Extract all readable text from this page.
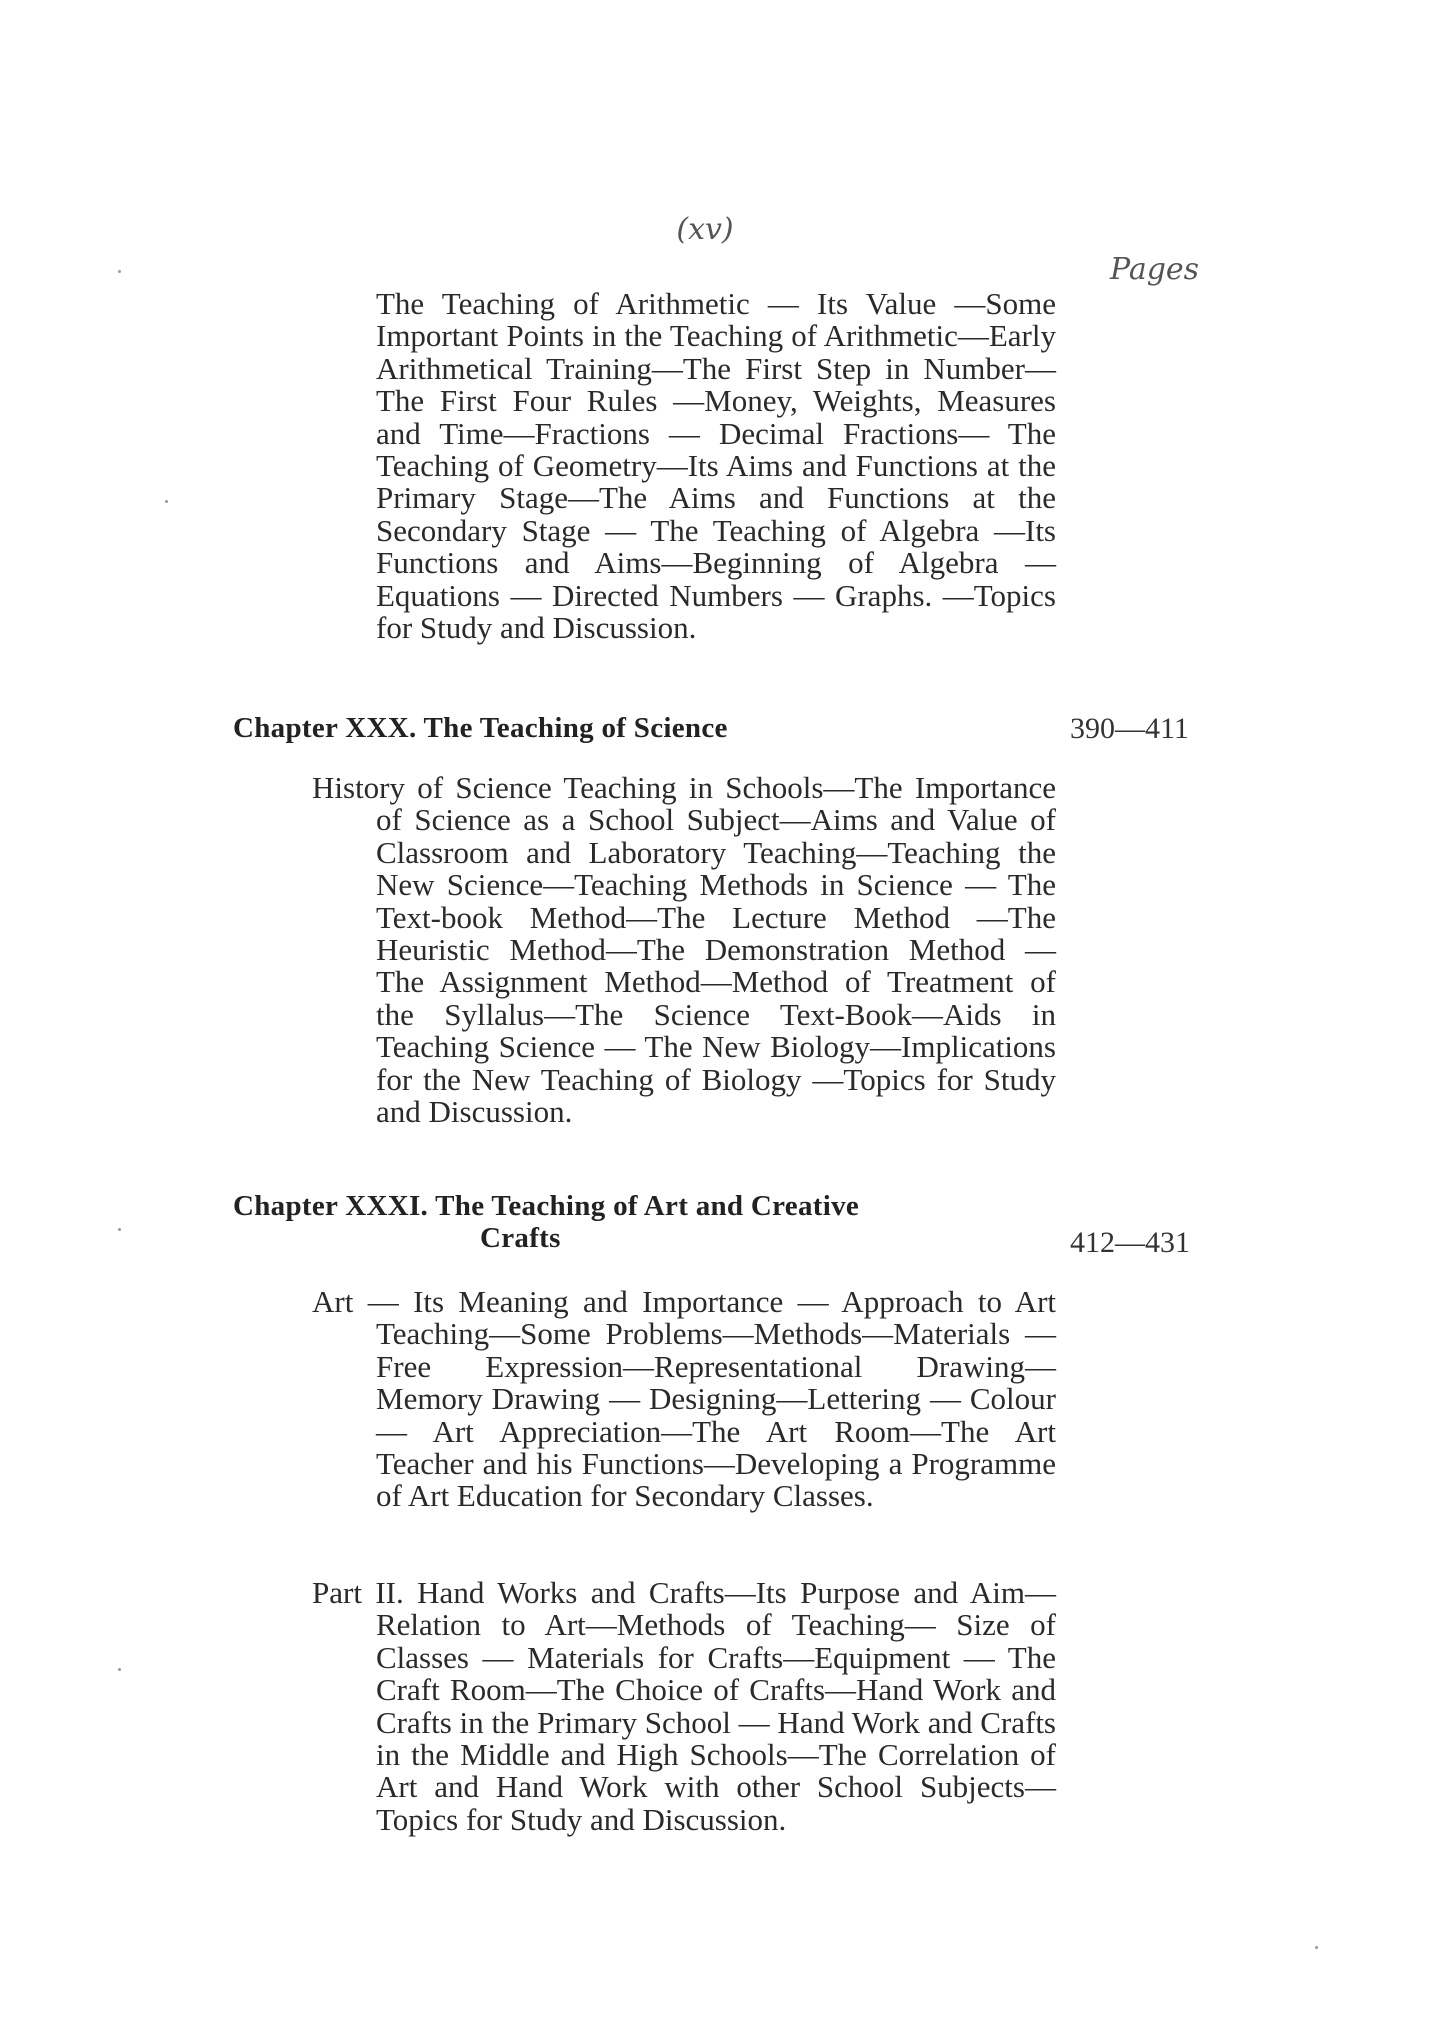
(xv)
Pages
The Teaching of Arithmetic — Its Value —Some Important Points in the Teaching of Arithmetic—Early Arithmetical Training—The First Step in Number—The First Four Rules —Money, Weights, Measures and Time—Fractions — Decimal Fractions— The Teaching of Geometry—Its Aims and Functions at the Primary Stage—The Aims and Functions at the Secondary Stage — The Teaching of Algebra —Its Functions and Aims—Beginning of Algebra —Equations — Directed Numbers — Graphs. —Topics for Study and Discussion.
Chapter XXX. The Teaching of Science	390—411
History of Science Teaching in Schools—The Importance of Science as a School Subject—Aims and Value of Classroom and Laboratory Teaching—Teaching the New Science—Teaching Methods in Science — The Text-book Method—The Lecture Method —The Heuristic Method—The Demonstration Method —The Assignment Method—Method of Treatment of the Syllalus—The Science Text-Book—Aids in Teaching Science — The New Biology—Implications for the New Teaching of Biology —Topics for Study and Discussion.
Chapter XXXI. The Teaching of Art and Creative
Crafts	412—431
Art — Its Meaning and Importance — Approach to Art Teaching—Some Problems—Methods—Materials — Free Expression—Representational Drawing— Memory Drawing — Designing—Lettering — Colour — Art Appreciation—The Art Room—The Art Teacher and his Functions—Developing a Programme of Art Education for Secondary Classes.
Part II. Hand Works and Crafts—Its Purpose and Aim—Relation to Art—Methods of Teaching— Size of Classes — Materials for Crafts—Equipment — The Craft Room—The Choice of Crafts—Hand Work and Crafts in the Primary School — Hand Work and Crafts in the Middle and High Schools—The Correlation of Art and Hand Work with other School Subjects—Topics for Study and Discussion.
